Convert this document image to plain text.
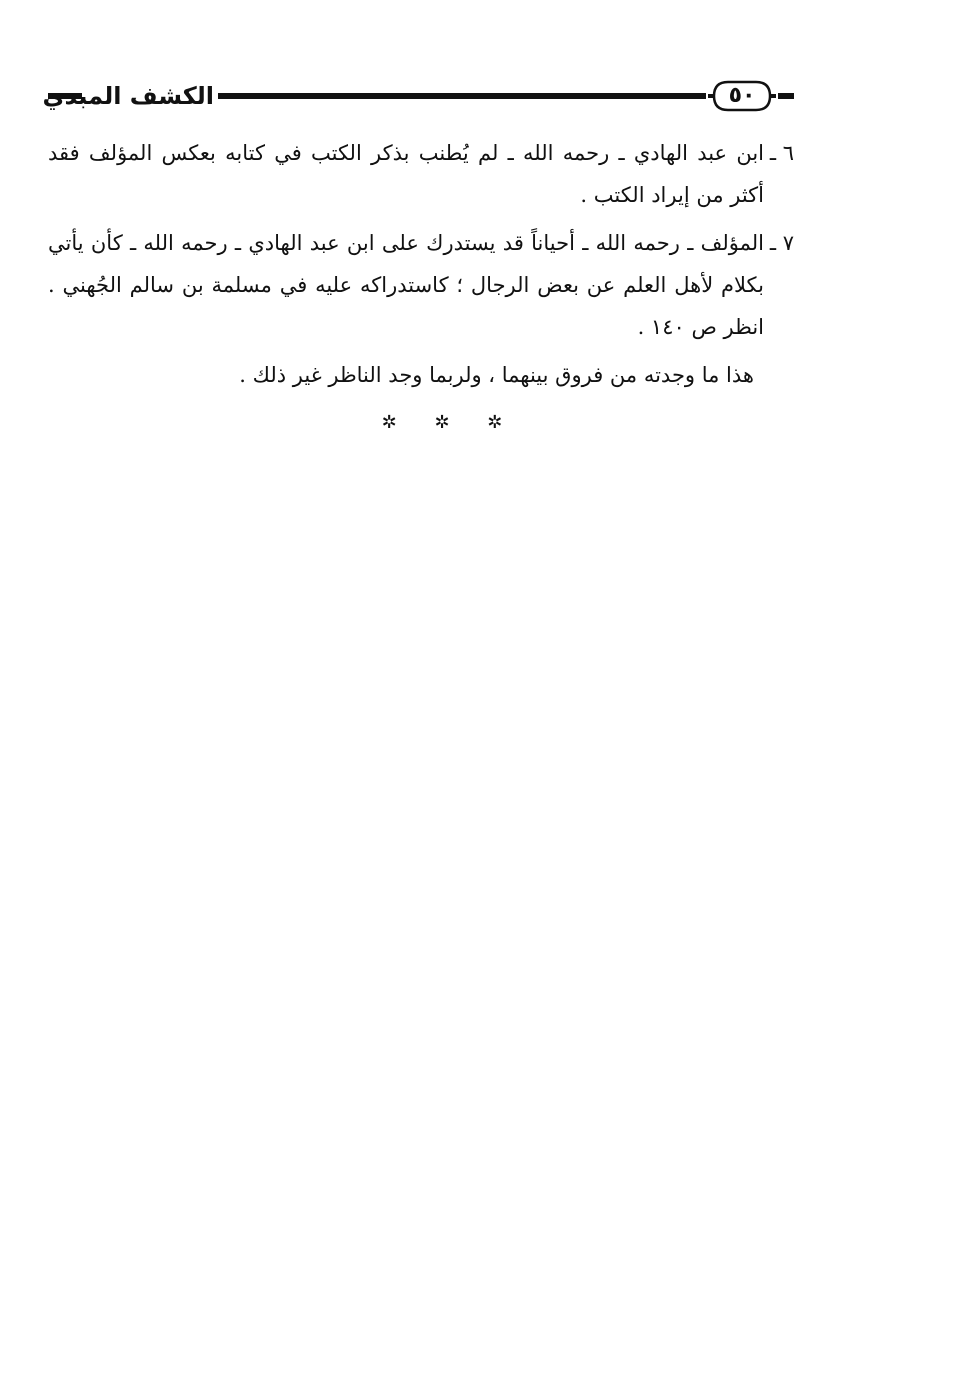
الكشف المبدي	٥٠

٦ ـ
ابن عبد الهادي ـ رحمه الله ـ لم يُطنب بذكر الكتب في كتابه بعكس المؤلف فقد أكثر من إيراد الكتب .

٧ ـ
المؤلف ـ رحمه الله ـ أحياناً قد يستدرك على ابن عبد الهادي ـ رحمه الله ـ كأن يأتي بكلام لأهل العلم عن بعض الرجال ؛ كاستدراكه عليه في مسلمة بن سالم الجُهني . انظر ص ١٤٠ .

هذا ما وجدته من فروق بينهما ، ولربما وجد الناظر غير ذلك .

✲ ✲ ✲
